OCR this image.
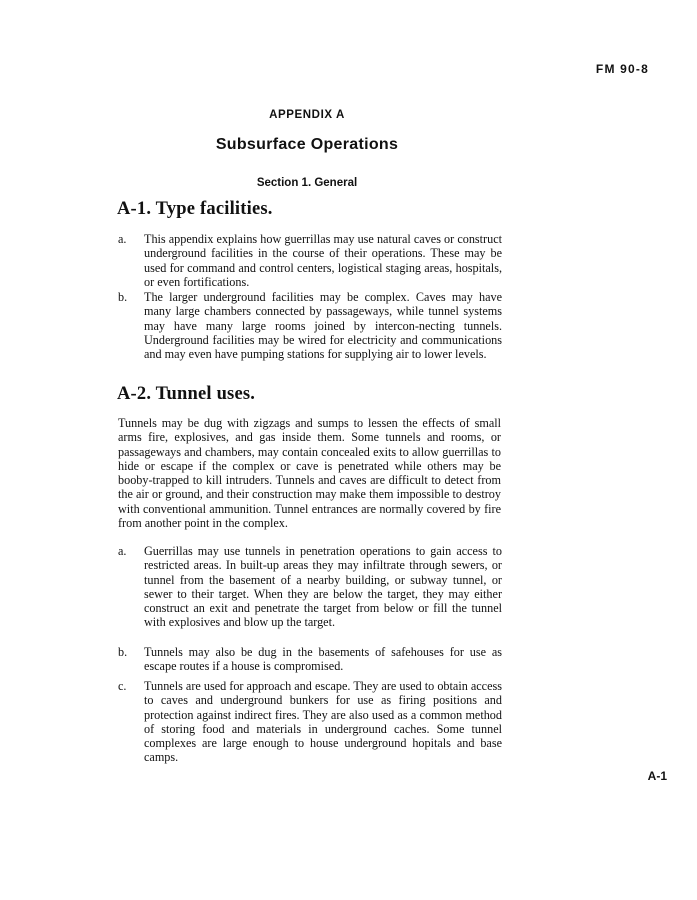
FM 90-8
APPENDIX A
Subsurface Operations
Section 1. General
A-1. Type facilities.
a.	This appendix explains how guerrillas may use natural caves or construct underground facilities in the course of their operations. These may be used for command and control centers, logistical staging areas, hospitals, or even fortifications.
b.	The larger underground facilities may be complex. Caves may have many large chambers connected by passageways, while tunnel systems may have many large rooms joined by intercon-necting tunnels. Underground facilities may be wired for electricity and communications and may even have pumping stations for supplying air to lower levels.
A-2. Tunnel uses.
Tunnels may be dug with zigzags and sumps to lessen the effects of small arms fire, explosives, and gas inside them. Some tunnels and rooms, or passageways and chambers, may contain concealed exits to allow guerrillas to hide or escape if the complex or cave is penetrated while others may be booby-trapped to kill intruders. Tunnels and caves are difficult to detect from the air or ground, and their construction may make them impossible to destroy with conventional ammunition. Tunnel entrances are normally covered by fire from another point in the complex.
a.	Guerrillas may use tunnels in penetration operations to gain access to restricted areas. In built-up areas they may infiltrate through sewers, or tunnel from the basement of a nearby building, or subway tunnel, or sewer to their target. When they are below the target, they may either construct an exit and penetrate the target from below or fill the tunnel with explosives and blow up the target.
b.	Tunnels may also be dug in the basements of safehouses for use as escape routes if a house is compromised.
c.	Tunnels are used for approach and escape. They are used to obtain access to caves and underground bunkers for use as firing positions and protection against indirect fires. They are also used as a common method of storing food and materials in underground caches. Some tunnel complexes are large enough to house underground hopitals and base camps.
A-1
